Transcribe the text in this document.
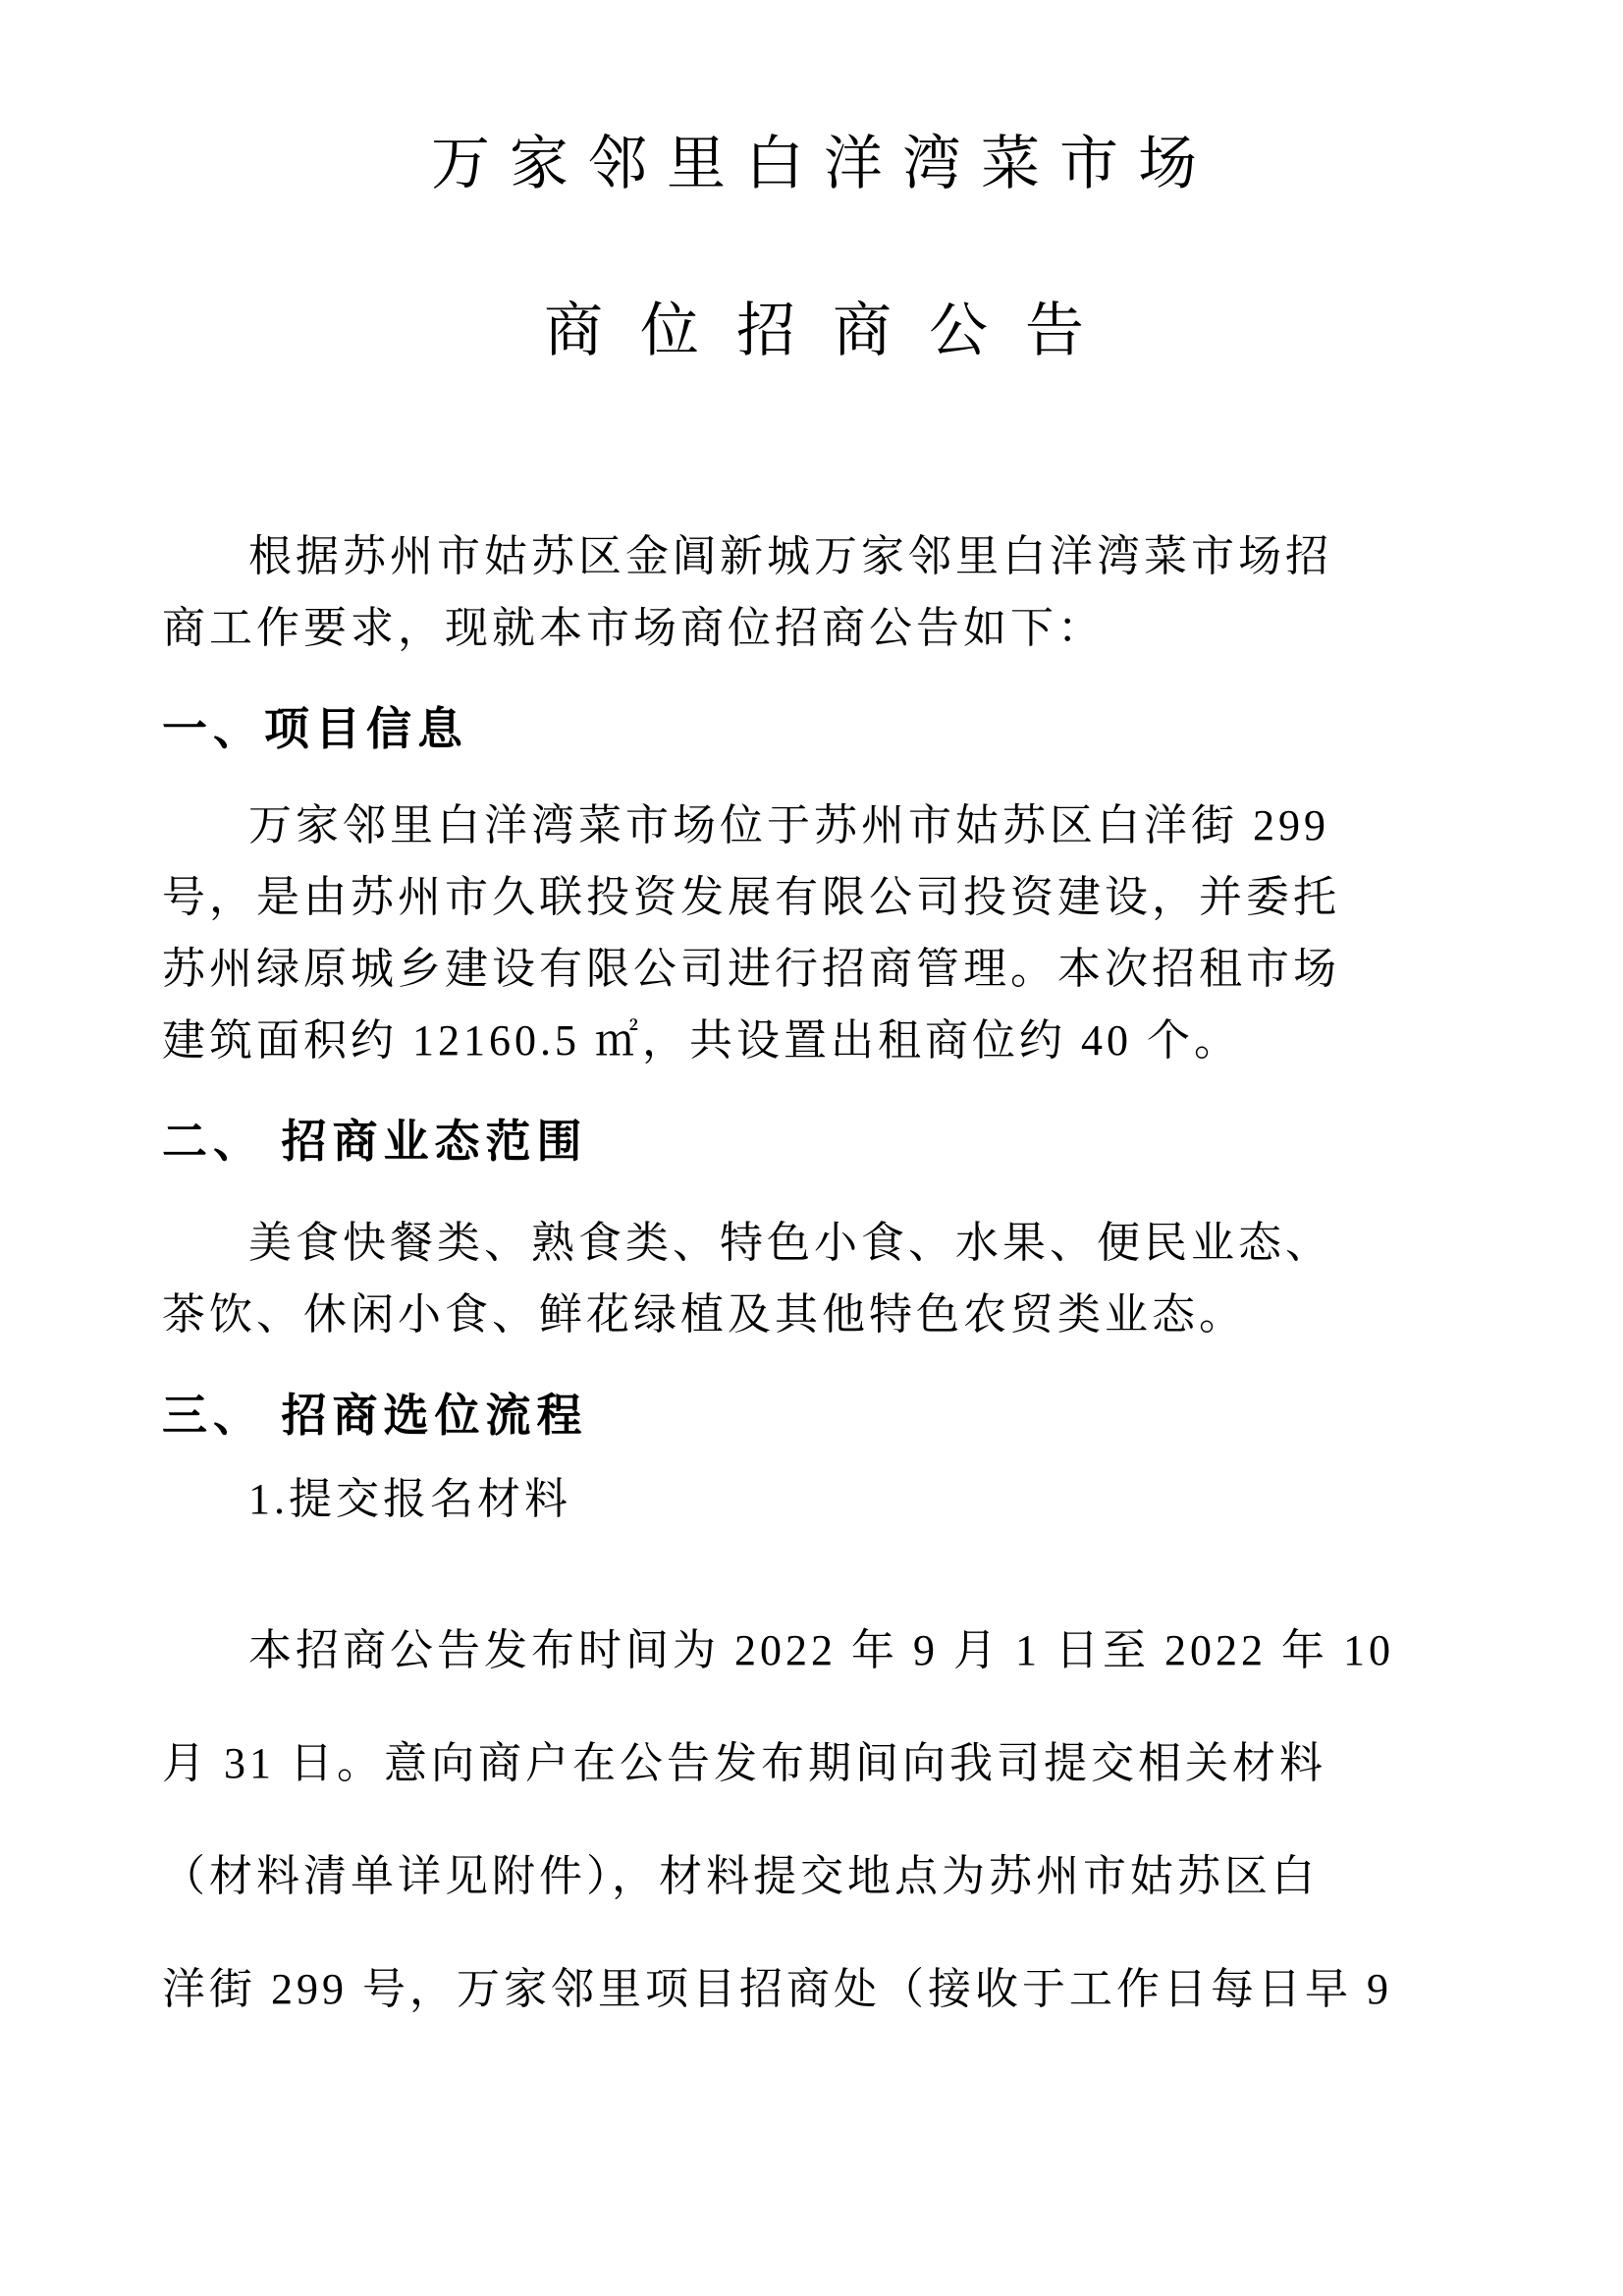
万家邻里白洋湾菜市场
商位招商公告
根据苏州市姑苏区金阊新城万家邻里白洋湾菜市场招
商工作要求，现就本市场商位招商公告如下：
一、项目信息
万家邻里白洋湾菜市场位于苏州市姑苏区白洋街 299
号，是由苏州市久联投资发展有限公司投资建设，并委托
苏州绿原城乡建设有限公司进行招商管理。本次招租市场
建筑面积约 12160.5 ㎡，共设置出租商位约 40 个。
二、 招商业态范围
美食快餐类、熟食类、特色小食、水果、便民业态、
茶饮、休闲小食、鲜花绿植及其他特色农贸类业态。
三、 招商选位流程
1.提交报名材料
本招商公告发布时间为 2022 年 9 月 1 日至 2022 年 10
月 31 日。意向商户在公告发布期间向我司提交相关材料
（材料清单详见附件），材料提交地点为苏州市姑苏区白
洋街 299 号，万家邻里项目招商处（接收于工作日每日早 9
